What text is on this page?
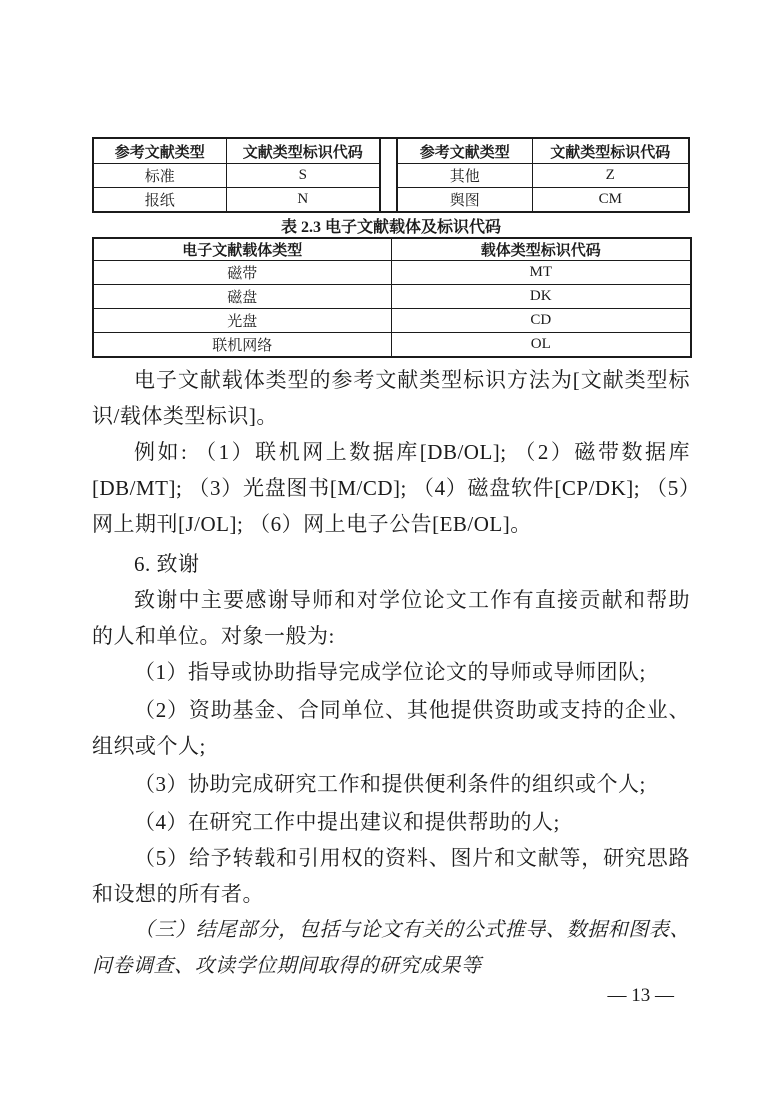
参考文献类型	文献类型标识代码
标准	S
报纸	N
参考文献类型	文献类型标识代码
其他	Z
舆图	CM
表 2.3 电子文献载体及标识代码
电子文献载体类型	载体类型标识代码
磁带	MT
磁盘	DK
光盘	CD
联机网络	OL

电子文献载体类型的参考文献类型标识方法为[文献类型标识/载体类型标识]。

例如: （1）联机网上数据库[DB/OL]; （2）磁带数据库[DB/MT]; （3）光盘图书[M/CD]; （4）磁盘软件[CP/DK]; （5）网上期刊[J/OL]; （6）网上电子公告[EB/OL]。

6. 致谢

致谢中主要感谢导师和对学位论文工作有直接贡献和帮助的人和单位。对象一般为:

（1）指导或协助指导完成学位论文的导师或导师团队;

（2）资助基金、合同单位、其他提供资助或支持的企业、组织或个人;

（3）协助完成研究工作和提供便利条件的组织或个人;

（4）在研究工作中提出建议和提供帮助的人;

（5）给予转载和引用权的资料、图片和文献等，研究思路和设想的所有者。

（三）结尾部分，包括与论文有关的公式推导、数据和图表、问卷调查、攻读学位期间取得的研究成果等

— 13 —
